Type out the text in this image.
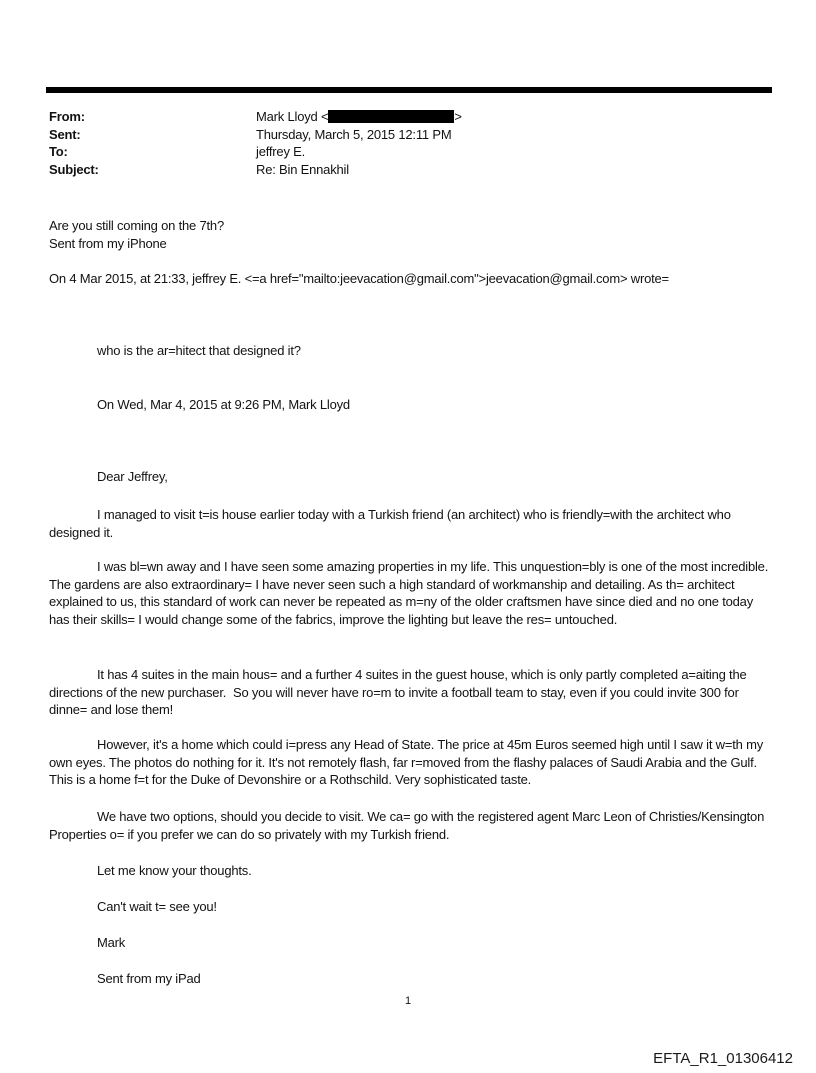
From:	Mark Lloyd <	>
Sent:	Thursday, March 5, 2015 12:11 PM
To:	jeffrey E.
Subject:	Re: Bin Ennakhil
Are you still coming on the 7th?
Sent from my iPhone
On 4 Mar 2015, at 21:33, jeffrey E. <=a href="mailto:jeevacation@gmail.com">jeevacation@gmail.com> wrote=
who is the ar=hitect that designed it?
On Wed, Mar 4, 2015 at 9:26 PM, Mark Lloyd
Dear Jeffrey,
I managed to visit t=is house earlier today with a Turkish friend (an architect) who is friendly=with the architect who designed it.
I was bl=wn away and I have seen some amazing properties in my life. This unquestion=bly is one of the most incredible.  The gardens are also extraordinary= I have never seen such a high standard of workmanship and detailing. As th= architect explained to us, this standard of work can never be repeated as m=ny of the older craftsmen have since died and no one today has their skills= I would change some of the fabrics, improve the lighting but leave the res= untouched.
It has 4 suites in the main hous= and a further 4 suites in the guest house, which is only partly completed a=aiting the directions of the new purchaser.  So you will never have ro=m to invite a football team to stay, even if you could invite 300 for dinne= and lose them!
However, it's a home which could i=press any Head of State. The price at 45m Euros seemed high until I saw it w=th my own eyes. The photos do nothing for it. It's not remotely flash, far r=moved from the flashy palaces of Saudi Arabia and the Gulf. This is a home f=t for the Duke of Devonshire or a Rothschild. Very sophisticated taste.
We have two options, should you decide to visit. We ca= go with the registered agent Marc Leon of Christies/Kensington Properties o= if you prefer we can do so privately with my Turkish friend.
Let me know your thoughts.
Can't wait t= see you!
Mark
Sent from my iPad
1
EFTA_R1_01306412
